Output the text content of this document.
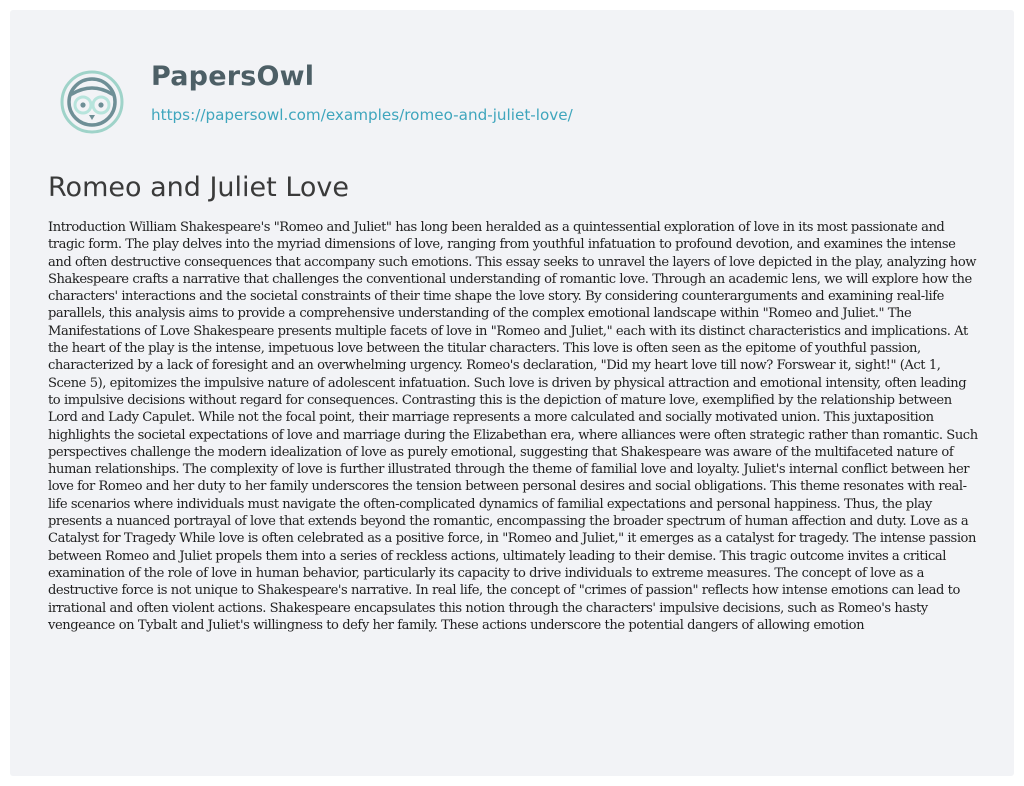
PapersOwl
https://papersowl.com/examples/romeo-and-juliet-love/
Romeo and Juliet Love

Introduction William Shakespeare's "Romeo and Juliet" has long been heralded as a quintessential exploration of love in its most passionate and tragic form. The play delves into the myriad dimensions of love, ranging from youthful infatuation to profound devotion, and examines the intense and often destructive consequences that accompany such emotions. This essay seeks to unravel the layers of love depicted in the play, analyzing how Shakespeare crafts a narrative that challenges the conventional understanding of romantic love. Through an academic lens, we will explore how the characters' interactions and the societal constraints of their time shape the love story. By considering counterarguments and examining real-life parallels, this analysis aims to provide a comprehensive understanding of the complex emotional landscape within "Romeo and Juliet." The Manifestations of Love Shakespeare presents multiple facets of love in "Romeo and Juliet," each with its distinct characteristics and implications. At the heart of the play is the intense, impetuous love between the titular characters. This love is often seen as the epitome of youthful passion, characterized by a lack of foresight and an overwhelming urgency. Romeo's declaration, "Did my heart love till now? Forswear it, sight!" (Act 1, Scene 5), epitomizes the impulsive nature of adolescent infatuation. Such love is driven by physical attraction and emotional intensity, often leading to impulsive decisions without regard for consequences. Contrasting this is the depiction of mature love, exemplified by the relationship between Lord and Lady Capulet. While not the focal point, their marriage represents a more calculated and socially motivated union. This juxtaposition highlights the societal expectations of love and marriage during the Elizabethan era, where alliances were often strategic rather than romantic. Such perspectives challenge the modern idealization of love as purely emotional, suggesting that Shakespeare was aware of the multifaceted nature of human relationships. The complexity of love is further illustrated through the theme of familial love and loyalty. Juliet's internal conflict between her love for Romeo and her duty to her family underscores the tension between personal desires and social obligations. This theme resonates with real-life scenarios where individuals must navigate the often-complicated dynamics of familial expectations and personal happiness. Thus, the play presents a nuanced portrayal of love that extends beyond the romantic, encompassing the broader spectrum of human affection and duty. Love as a Catalyst for Tragedy While love is often celebrated as a positive force, in "Romeo and Juliet," it emerges as a catalyst for tragedy. The intense passion between Romeo and Juliet propels them into a series of reckless actions, ultimately leading to their demise. This tragic outcome invites a critical examination of the role of love in human behavior, particularly its capacity to drive individuals to extreme measures. The concept of love as a destructive force is not unique to Shakespeare's narrative. In real life, the concept of "crimes of passion" reflects how intense emotions can lead to irrational and often violent actions. Shakespeare encapsulates this notion through the characters' impulsive decisions, such as Romeo's hasty vengeance on Tybalt and Juliet's willingness to defy her family. These actions underscore the potential dangers of allowing emotion
